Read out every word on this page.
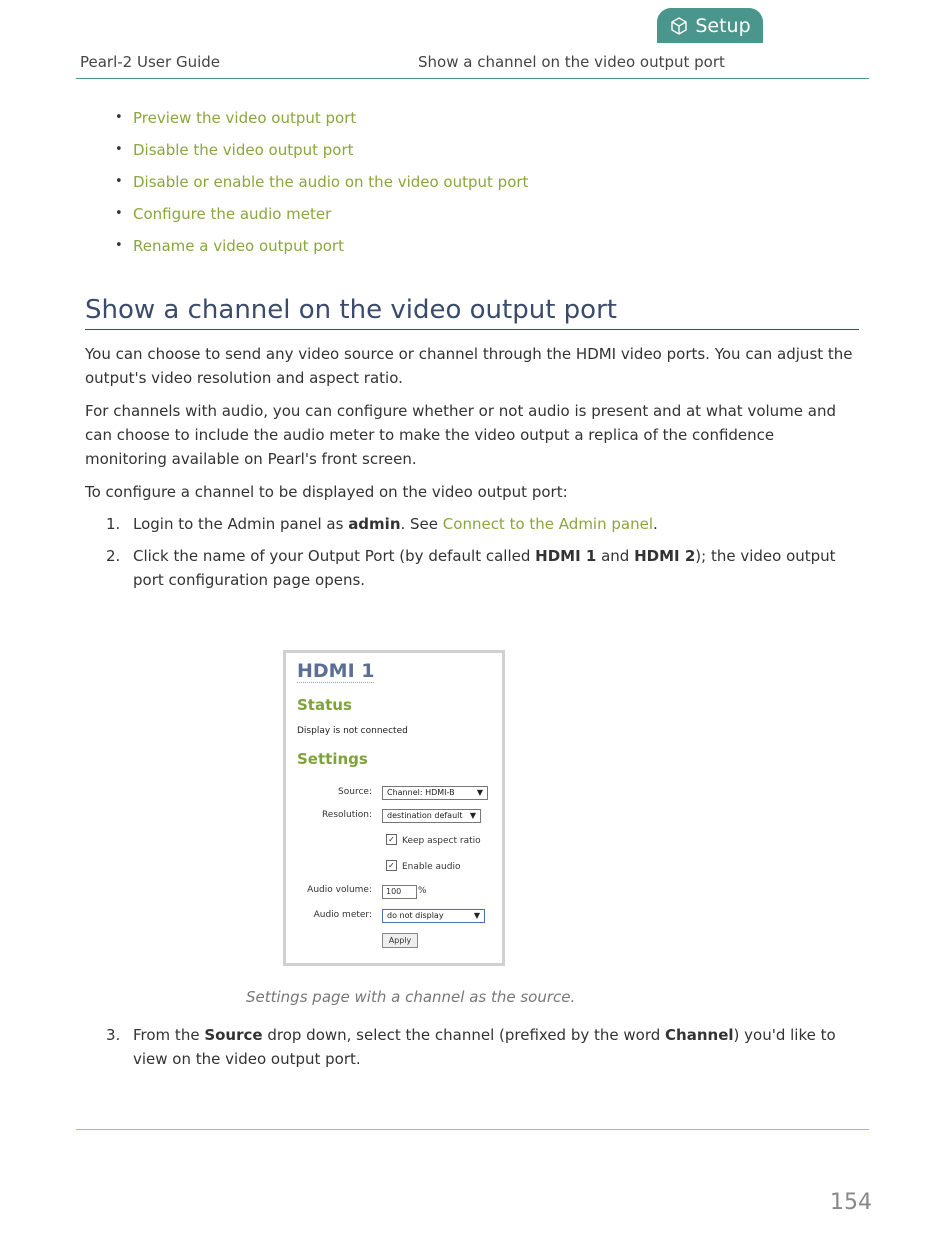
Setup
Pearl-2 User Guide	Show a channel on the video output port
• Preview the video output port
• Disable the video output port
• Disable or enable the audio on the video output port
• Configure the audio meter
• Rename a video output port
Show a channel on the video output port

You can choose to send any video source or channel through the HDMI video ports. You can adjust the output's video resolution and aspect ratio.

For channels with audio, you can configure whether or not audio is present and at what volume and can choose to include the audio meter to make the video output a replica of the confidence monitoring available on Pearl's front screen.

To configure a channel to be displayed on the video output port:

1. Login to the Admin panel as admin. See Connect to the Admin panel.
2. Click the name of your Output Port (by default called HDMI 1 and HDMI 2); the video output port configuration page opens.
HDMI 1
Status
Display is not connected
Settings
Source:	Channel: HDMI-B	▼
Resolution:	destination default ▼
✓ Keep aspect ratio
✓ Enable audio
Audio volume:	100	%
Audio meter:	do not display	▼
Apply
Settings page with a channel as the source.
3. From the Source drop down, select the channel (prefixed by the word Channel) you'd like to view on the video output port.
154
